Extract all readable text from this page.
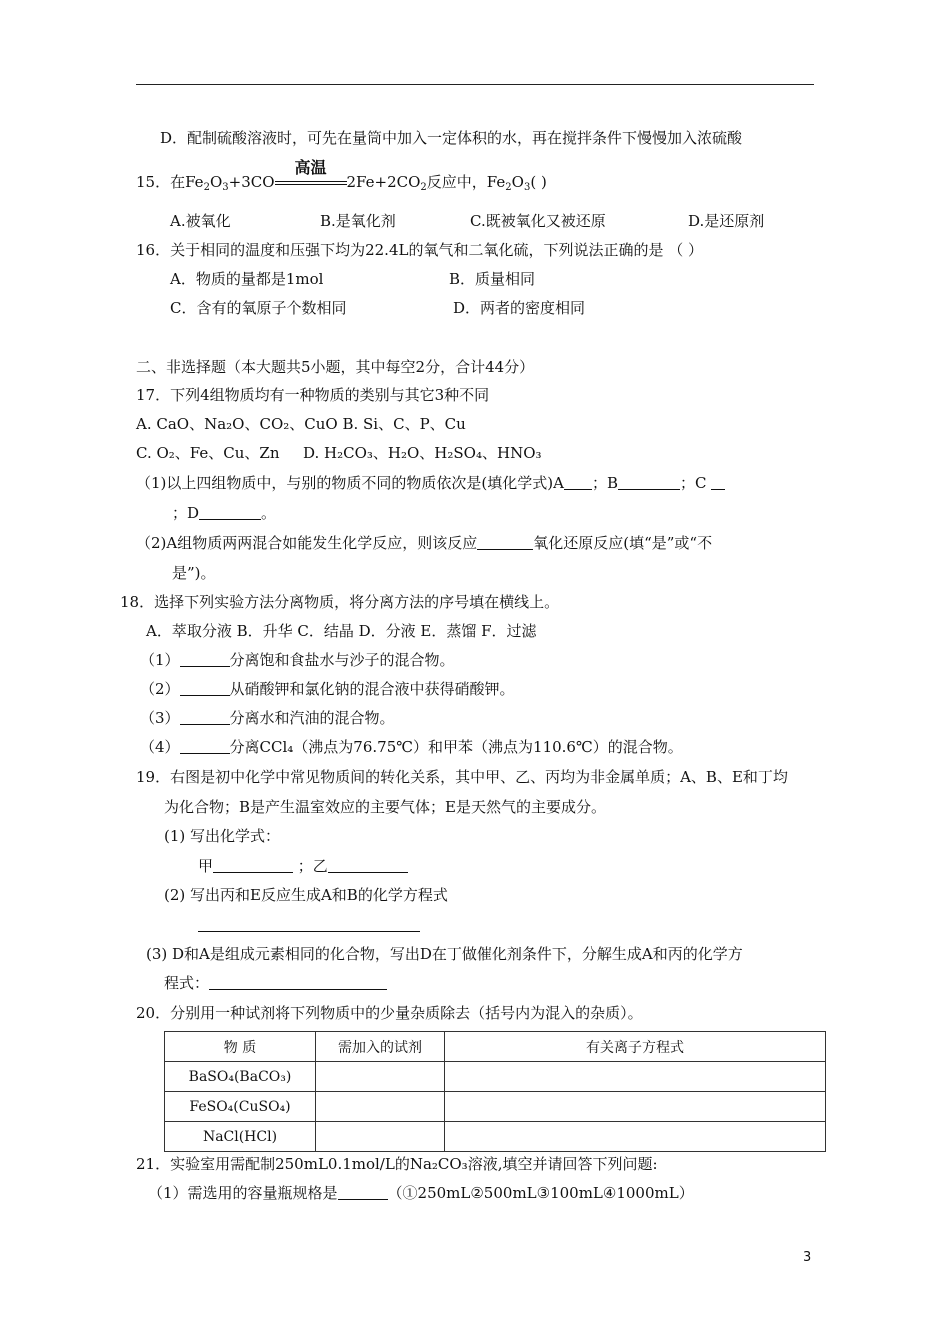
D．配制硫酸溶液时，可先在量筒中加入一定体积的水，再在搅拌条件下慢慢加入浓硫酸
15．在$Fe_2O_3+3CO$
高温
$2Fe+2CO_2$反应中，$Fe_2O_3$( )
A.被氧化	B.是氧化剂	C.既被氧化又被还原	D.是还原剂
16．关于相同的温度和压强下均为22.4L的氧气和二氧化硫，下列说法正确的是 （ ）
A．物质的量都是1mol	B．质量相同
C．含有的氧原子个数相同	D．两者的密度相同
二、非选择题（本大题共5小题，其中每空2分，合计44分）
17．下列4组物质均有一种物质的类别与其它3种不同
A. CaO、Na₂O、CO₂、CuO B. Si、C、P、Cu
C. O₂、Fe、Cu、Zn D. H₂CO₃、H₂O、H₂SO₄、HNO₃
（1)以上四组物质中，与别的物质不同的物质依次是(填化学式)A ；B	；C
；D	。
（2)A组物质两两混合如能发生化学反应，则该反应	氧化还原反应(填“是”或“不
是”)。
18．选择下列实验方法分离物质，将分离方法的序号填在横线上。
A．萃取分液 B．升华 C．结晶 D．分液 E．蒸馏 F．过滤
（1）	分离饱和食盐水与沙子的混合物。
（2）	从硝酸钾和氯化钠的混合液中获得硝酸钾。
（3）	分离水和汽油的混合物。
（4）	分离CCl₄（沸点为76.75℃）和甲苯（沸点为110.6℃）的混合物。
19．右图是初中化学中常见物质间的转化关系，其中甲、乙、丙均为非金属单质；A、B、E和丁均
为化合物；B是产生温室效应的主要气体；E是天然气的主要成分。
(1) 写出化学式：
甲	；乙
(2) 写出丙和E反应生成A和B的化学方程式
(3) D和A是组成元素相同的化合物，写出D在丁做催化剂条件下，分解生成A和丙的化学方
程式：
20．分别用一种试剂将下列物质中的少量杂质除去（括号内为混入的杂质）。
物 质	需加入的试剂	有关离子方程式
BaSO₄(BaCO₃)		
FeSO₄(CuSO₄)		
NaCl(HCl)		
21．实验室用需配制250mL0.1mol/L的Na₂CO₃溶液,填空并请回答下列问题:
（1）需选用的容量瓶规格是	（①250mL②500mL③100mL④1000mL）
3
